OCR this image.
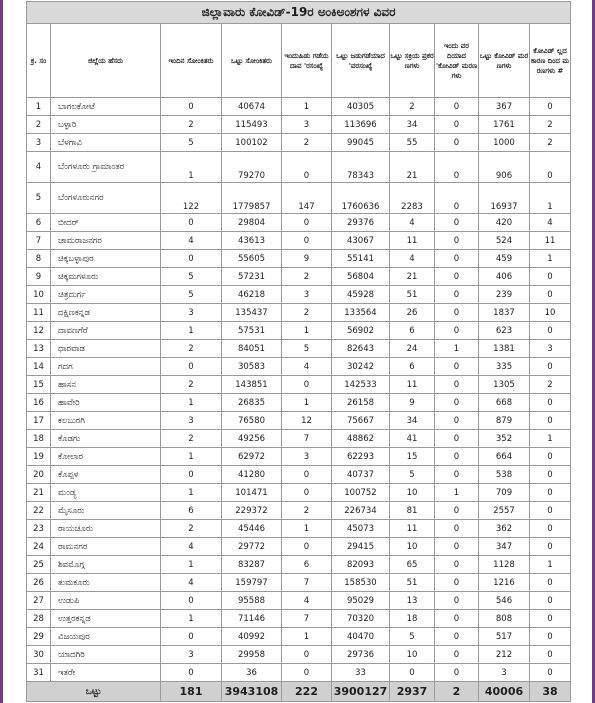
ಜಿಲ್ಲಾವಾರು ಕೋವಿಡ್-19ರ ಅಂಕಿಅಂಶಗಳ ವಿವರ									
ಕ್ರ. ಸಂ	ಜಿಲ್ಲೆಯ ಹೆಸರು	ಇಂದಿನ ಸೋಂಕಿತರು	ಒಟ್ಟು ಸೋಂಕಿತರು	ಇಂದುಹಿಡು ಗಡೆಯದಾವ 'ರಸಂಖ್ಯೆ	ಒಟ್ಟು ಜಡುಗಡೆಯಾದ 'ವರಸಂಖ್ಯೆ	ಒಟ್ಟು ಸಕ್ರಿಯ ಪ್ರಕರಣಗಳು	ಇಂದು ವರದಿಯಾದ 'ಕೋವಿಡ್ ಮರಣಗಳು	ಒಟ್ಟು ಕೋವಿಡ್ ಮರಣಗಳು	ಕೋವಿಡ್‌ ಲ್ಲದಕಾರಣ ದಿಂದ ಮರಣಗಳು #
1	ಬಾಗಲಕೋಟೆ	0	40674	1	40305	2	0	367	0
2	ಬಳ್ಳಾರಿ	2	115493	3	113696	34	0	1761	2
3	ಬೆಳಗಾವಿ	5	100102	2	99045	55	0	1000	2
4	ಬೆಂಗಳೂರು ಗ್ರಾಮಾಂತರ	1	79270	0	78343	21	0	906	0
5	ಬೆಂಗಳೂರುನಗರ	122	1779857	147	1760636	2283	0	16937	1
6	ಬೀದರ್	0	29804	0	29376	4	0	420	4
7	ಚಾಮರಾಜನಗರ	4	43613	0	43067	11	0	524	11
8	ಚಿಕ್ಕಬಳ್ಳಾಪುರ	0	55605	9	55141	4	0	459	1
9	ಚಿಕ್ಕಮಗಳೂರು	5	57231	2	56804	21	0	406	0
10	ಚಿತ್ರದುರ್ಗ	5	46218	3	45928	51	0	239	0
11	ದಕ್ಷಿಣಕನ್ನಡ	3	135437	2	133564	26	0	1837	10
12	ದಾವಣಗೆರೆ	1	57531	1	56902	6	0	623	0
13	ಧಾರವಾಡ	2	84051	5	82643	24	1	1381	3
14	ಗದಗ	0	30583	4	30242	6	0	335	0
15	ಹಾಸನ	2	143851	0	142533	11	0	1305	2
16	ಹಾವೇರಿ	1	26835	1	26158	9	0	668	0
17	ಕಲಬುರಗಿ	3	76580	12	75667	34	0	879	0
18	ಕೊಡಗು	2	49256	7	48862	41	0	352	1
19	ಕೋಲಾರ	1	62972	3	62293	15	0	664	0
20	ಕೊಪ್ಪಳ	0	41280	0	40737	5	0	538	0
21	ಮಂಡ್ಯ	1	101471	0	100752	10	1	709	0
22	ಮೈಸೂರು	6	229372	2	226734	81	0	2557	0
23	ರಾಯಚೂರು	2	45446	1	45073	11	0	362	0
24	ರಾಮನಗರ	4	29772	0	29415	10	0	347	0
25	ಶಿವಮೊಗ್ಗ	1	83287	6	82093	65	0	1128	1
26	ತುಮಕೂರು	4	159797	7	158530	51	0	1216	0
27	ಉಡುಪಿ	0	95588	4	95029	13	0	546	0
28	ಉತ್ತರಕನ್ನಡ	1	71146	7	70320	18	0	808	0
29	ವಿಜಯಪುರ	0	40992	1	40470	5	0	517	0
30	ಯಾದಗಿರಿ	3	29958	0	29736	10	0	212	0
31	ಇತರೇ	0	36	0	33	0	0	3	0
ಒಟ್ಟು		181	3943108	222	3900127	2937	2	40006	38
